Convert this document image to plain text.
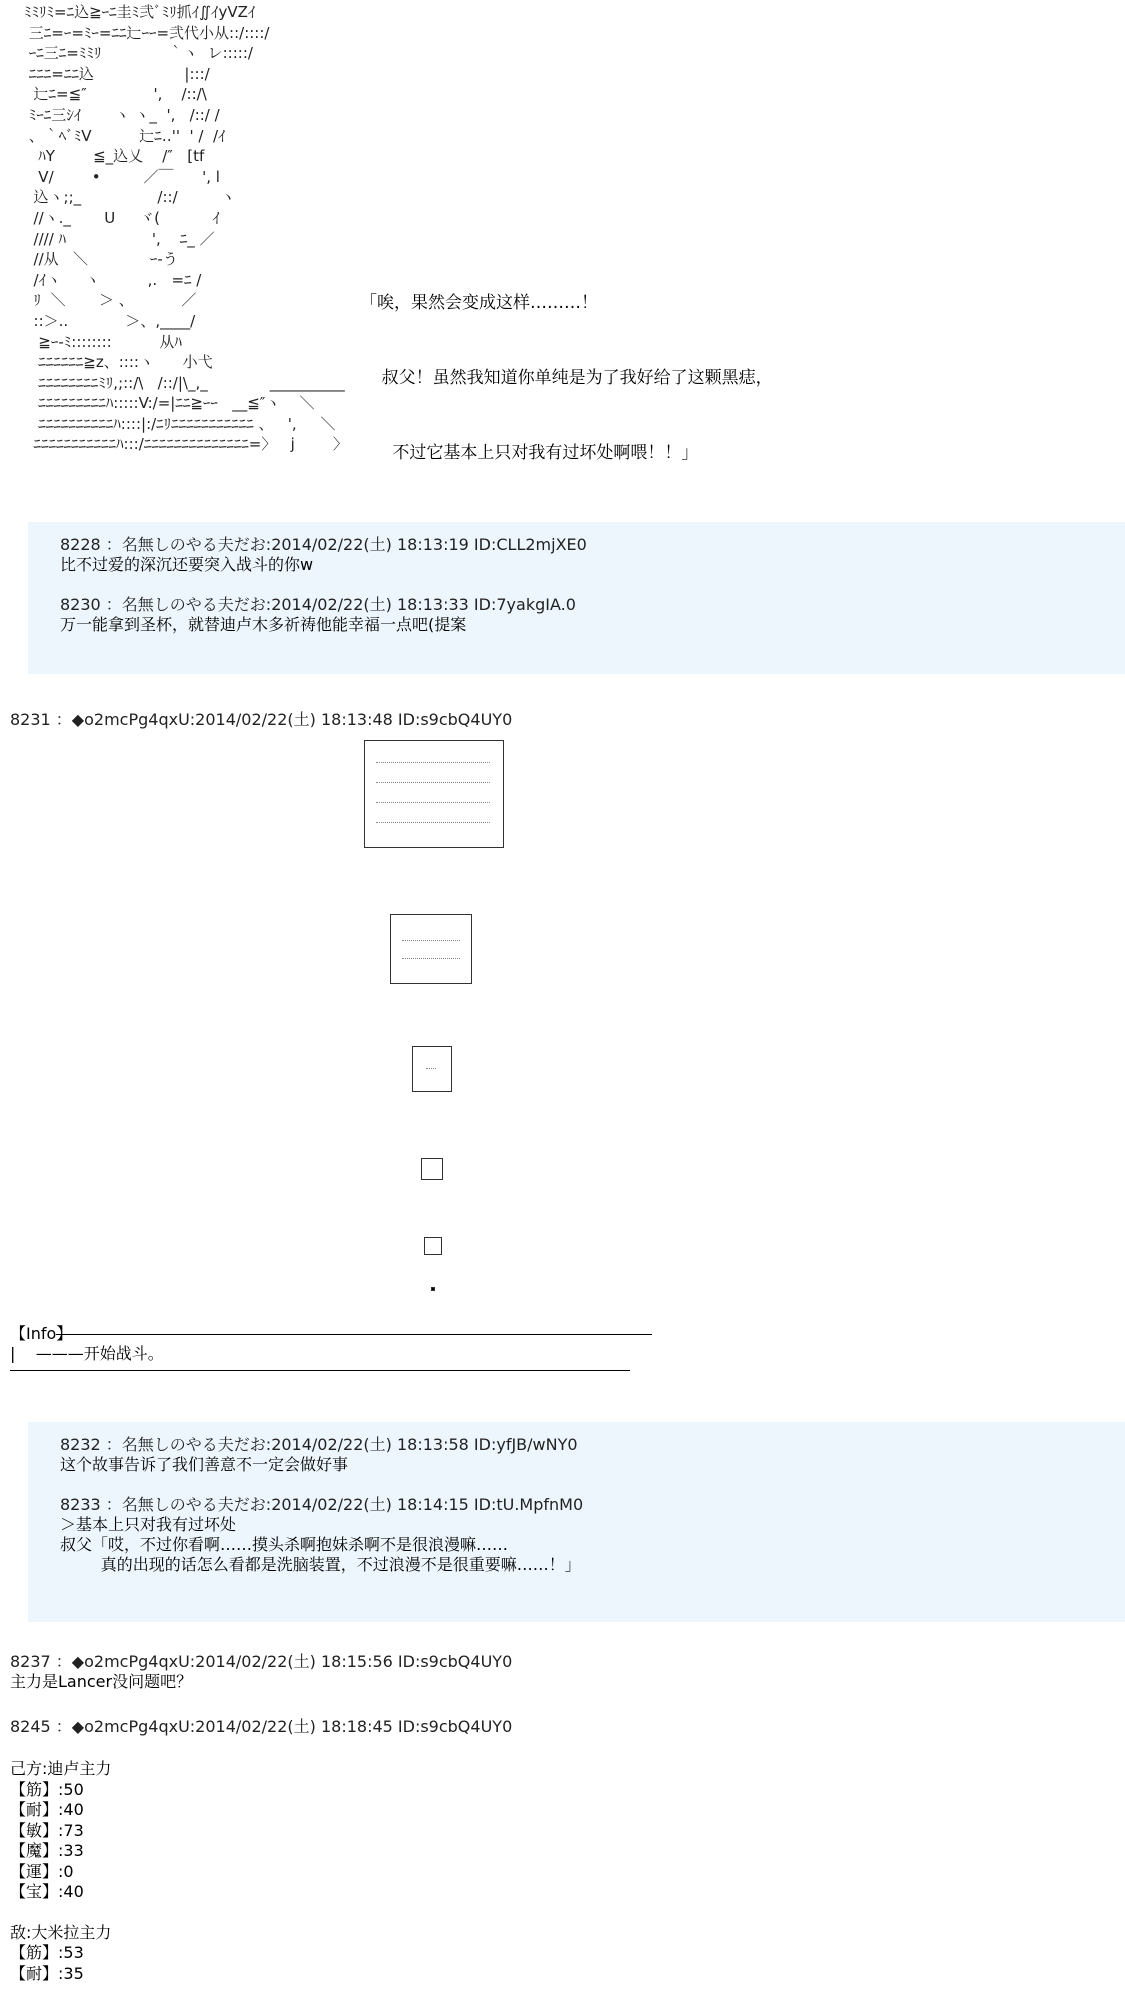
ﾐﾐﾘﾐ=ﾆ込≧ｰﾆ圭ﾐ弐ﾞﾐﾘ抓ｲ∬ｲyVZｲ
三ﾆ=ｰ=ﾐｰ=ﾆﾆ辷ｰｰ=弐代小从::/::::/
ｰﾆ三ﾆ=ﾐﾐﾘ              ｀ヽ  レ:::::/
ﾆﾆﾆ=ﾆﾆ込                   |:::/
辷ﾆ=≦″              ',    /::/\
ﾐｰﾆ三ｼｲ       ヽ ヽ_  ',   /::/ /
、｀ﾍﾞﾐV          辷ﾆ‥''  ' /  /ｲ
ﾊY        ≦_込乂    /″   [tf
V/        •         ／￣      ', l
込ヽ;;_                /::/         ヽ
//ヽ._       U     ヾ(           ｲ
//// ﾊ                  ',    ﾆ_ ／
//从   ＼             ｰ-う
/ｲヽ     ヽ          ,.   =ﾆ /
ﾘ  ＼       ＞ 、          ／
::＞..            ＞、,____/
≧ｰ-ﾐ::::::::          从ﾊ
ﾆﾆﾆﾆﾆﾆ≧z、::::ヽ      小弋
ﾆﾆﾆﾆﾆﾆﾆﾆﾐﾘ,;::/\   /::/|\_,_             __________
ﾆﾆﾆﾆﾆﾆﾆﾆﾆﾊ:::::V:/=|ﾆﾆ≧ｰｰ   __≦″ヽ    ＼
ﾆﾆﾆﾆﾆﾆﾆﾆﾆﾆﾊ::::|:/ﾆﾘﾆﾆﾆﾆﾆﾆﾆﾆﾆﾆﾆ 、   ',     ＼
ﾆﾆﾆﾆﾆﾆﾆﾆﾆﾆﾆﾊ:::/ﾆﾆﾆﾆﾆﾆﾆﾆﾆﾆﾆﾆﾆﾆ=〉   j        〉

「唉，果然会变成这样………！

叔父！虽然我知道你单纯是为了我好给了这颗黑痣，

不过它基本上只对我有过坏处啊喂！！」

8228 ：名無しのやる夫だお:2014/02/22(土) 18:13:19 ID:CLL2mjXE0
比不过爱的深沉还要突入战斗的你w
8230 ：名無しのやる夫だお:2014/02/22(土) 18:13:33 ID:7yakgIA.0
万一能拿到圣杯，就替迪卢木多祈祷他能幸福一点吧(提案
8231 ：◆o2mcPg4qxU:2014/02/22(土) 18:13:48 ID:s9cbQ4UY0
【Info】
|    ———开始战斗。
8232 ：名無しのやる夫だお:2014/02/22(土) 18:13:58 ID:yfJB/wNY0
这个故事告诉了我们善意不一定会做好事
8233 ：名無しのやる夫だお:2014/02/22(土) 18:14:15 ID:tU.MpfnM0
＞基本上只对我有过坏处
叔父「哎，不过你看啊……摸头杀啊抱妹杀啊不是很浪漫嘛……
真的出现的话怎么看都是洗脑装置，不过浪漫不是很重要嘛……！」
8237 ：◆o2mcPg4qxU:2014/02/22(土) 18:15:56 ID:s9cbQ4UY0
主力是Lancer没问题吧？
8245 ：◆o2mcPg4qxU:2014/02/22(土) 18:18:45 ID:s9cbQ4UY0
己方:迪卢主力
【筋】:50
【耐】:40
【敏】:73
【魔】:33
【運】:0
【宝】:40
敌:大米拉主力
【筋】:53
【耐】:35
